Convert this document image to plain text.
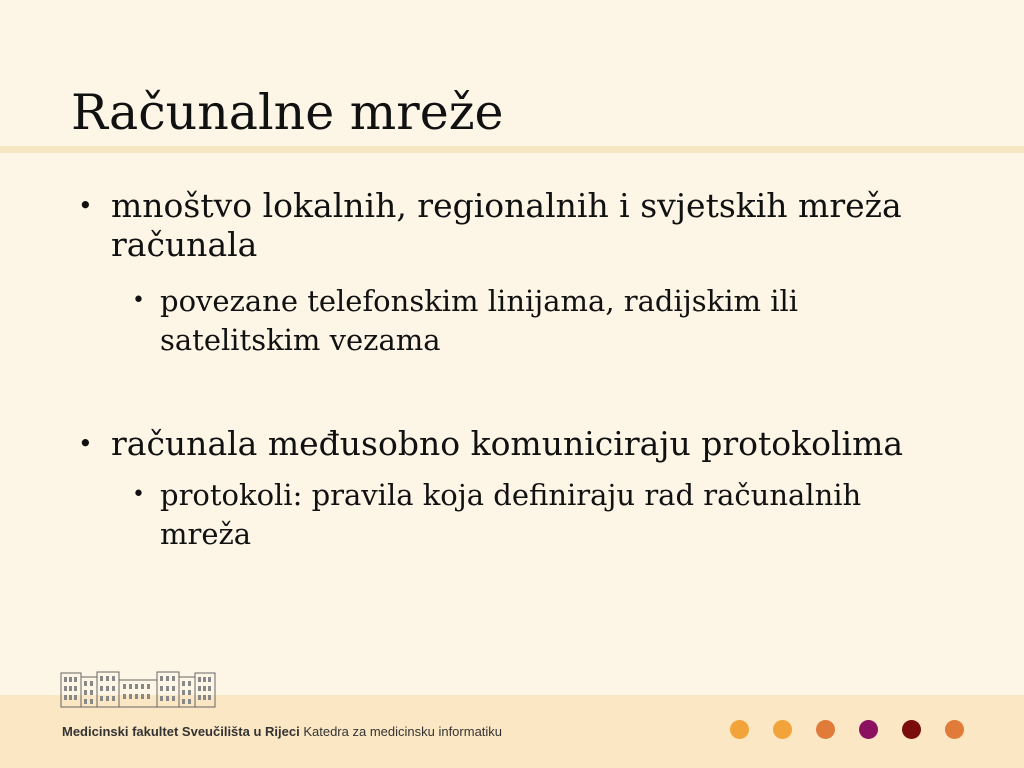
Računalne mreže
• mnoštvo lokalnih, regionalnih i svjetskih mreža računala
• povezane telefonskim linijama, radijskim ili satelitskim vezama
• računala međusobno komuniciraju protokolima
• protokoli: pravila koja definiraju rad računalnih mreža
Medicinski fakultet Sveučilišta u Rijeci Katedra za medicinsku informatiku
